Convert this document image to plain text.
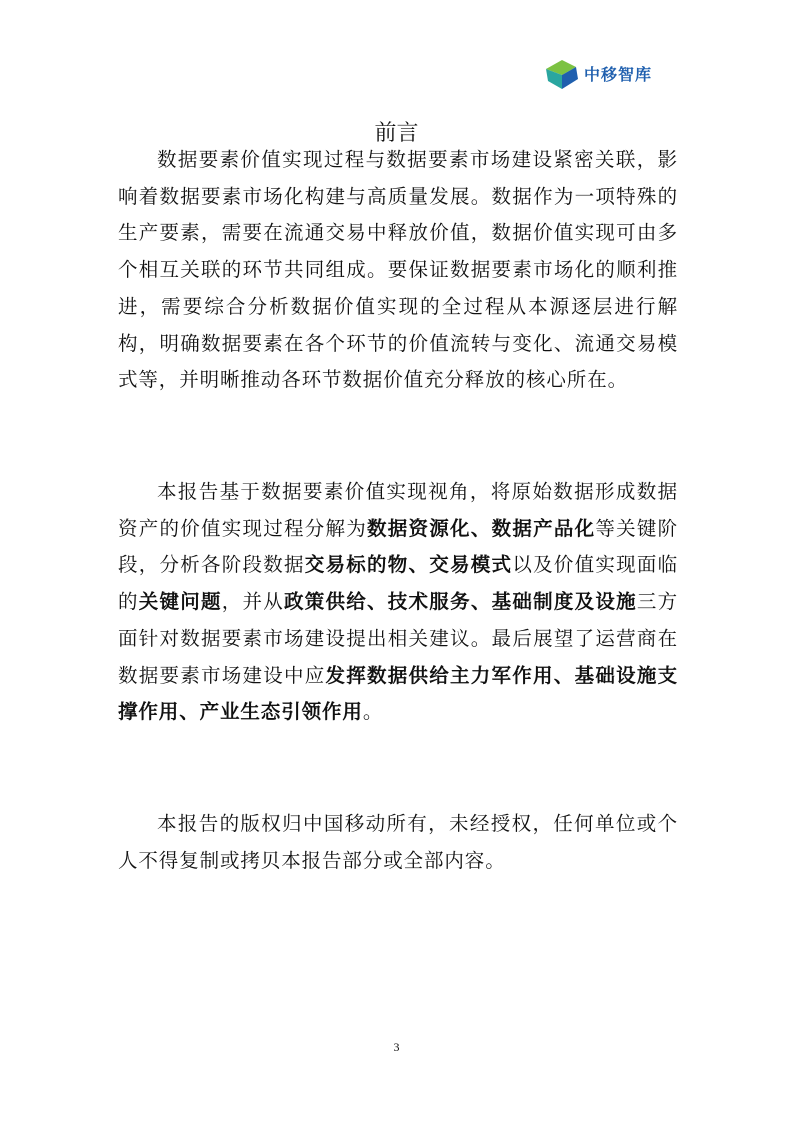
中移智库
前言

数据要素价值实现过程与数据要素市场建设紧密关联，影响着数据要素市场化构建与高质量发展。数据作为一项特殊的生产要素，需要在流通交易中释放价值，数据价值实现可由多个相互关联的环节共同组成。要保证数据要素市场化的顺利推进，需要综合分析数据价值实现的全过程从本源逐层进行解构，明确数据要素在各个环节的价值流转与变化、流通交易模式等，并明晰推动各环节数据价值充分释放的核心所在。

本报告基于数据要素价值实现视角，将原始数据形成数据资产的价值实现过程分解为数据资源化、数据产品化等关键阶段，分析各阶段数据交易标的物、交易模式以及价值实现面临的关键问题，并从政策供给、技术服务、基础制度及设施三方面针对数据要素市场建设提出相关建议。最后展望了运营商在数据要素市场建设中应发挥数据供给主力军作用、基础设施支撑作用、产业生态引领作用。

本报告的版权归中国移动所有，未经授权，任何单位或个人不得复制或拷贝本报告部分或全部内容。

3
